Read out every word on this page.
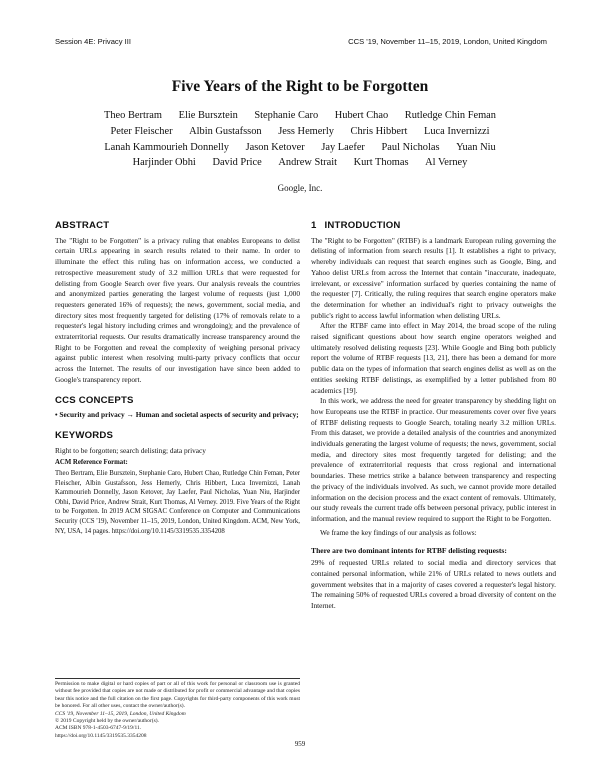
Session 4E: Privacy III	CCS '19, November 11–15, 2019, London, United Kingdom
Five Years of the Right to be Forgotten
Theo Bertram Elie Bursztein Stephanie Caro Hubert Chao Rutledge Chin Feman
Peter Fleischer Albin Gustafsson Jess Hemerly Chris Hibbert Luca Invernizzi
Lanah Kammourieh Donnelly Jason Ketover Jay Laefer Paul Nicholas Yuan Niu
Harjinder Obhi David Price Andrew Strait Kurt Thomas Al Verney
Google, Inc.
ABSTRACT

The "Right to be Forgotten" is a privacy ruling that enables Europeans to delist certain URLs appearing in search results related to their name. In order to illuminate the effect this ruling has on information access, we conducted a retrospective measurement study of 3.2 million URLs that were requested for delisting from Google Search over five years. Our analysis reveals the countries and anonymized parties generating the largest volume of requests (just 1,000 requesters generated 16% of requests); the news, government, social media, and directory sites most frequently targeted for delisting (17% of removals relate to a requester's legal history including crimes and wrongdoing); and the prevalence of extraterritorial requests. Our results dramatically increase transparency around the Right to be Forgotten and reveal the complexity of weighing personal privacy against public interest when resolving multi-party privacy conflicts that occur across the Internet. The results of our investigation have since been added to Google's transparency report.

CCS CONCEPTS
• Security and privacy → Human and societal aspects of security and privacy;
KEYWORDS

Right to be forgotten; search delisting; data privacy

ACM Reference Format:
Theo Bertram, Elie Bursztein, Stephanie Caro, Hubert Chao, Rutledge Chin Feman, Peter Fleischer, Albin Gustafsson, Jess Hemerly, Chris Hibbert, Luca Invernizzi, Lanah Kammourieh Donnelly, Jason Ketover, Jay Laefer, Paul Nicholas, Yuan Niu, Harjinder Obhi, David Price, Andrew Strait, Kurt Thomas, Al Verney. 2019. Five Years of the Right to be Forgotten. In 2019 ACM SIGSAC Conference on Computer and Communications Security (CCS '19), November 11–15, 2019, London, United Kingdom. ACM, New York, NY, USA, 14 pages. https://doi.org/10.1145/3319535.3354208
Permission to make digital or hard copies of part or all of this work for personal or classroom use is granted without fee provided that copies are not made or distributed for profit or commercial advantage and that copies bear this notice and the full citation on the first page. Copyrights for third-party components of this work must be honored. For all other uses, contact the owner/author(s).
CCS '19, November 11–15, 2019, London, United Kingdom
© 2019 Copyright held by the owner/author(s).
ACM ISBN 978-1-4503-6747-9/19/11.
https://doi.org/10.1145/3319535.3354208
1 INTRODUCTION

The "Right to be Forgotten" (RTBF) is a landmark European ruling governing the delisting of information from search results [1]. It establishes a right to privacy, whereby individuals can request that search engines such as Google, Bing, and Yahoo delist URLs from across the Internet that contain "inaccurate, inadequate, irrelevant, or excessive" information surfaced by queries containing the name of the requester [7]. Critically, the ruling requires that search engine operators make the determination for whether an individual's right to privacy outweighs the public's right to access lawful information when delisting URLs.

After the RTBF came into effect in May 2014, the broad scope of the ruling raised significant questions about how search engine operators weighed and ultimately resolved delisting requests [23]. While Google and Bing both publicly report the volume of RTBF requests [13, 21], there has been a demand for more public data on the types of information that search engines delist as well as on the entities seeking RTBF delistings, as exemplified by a letter published from 80 academics [19].

In this work, we address the need for greater transparency by shedding light on how Europeans use the RTBF in practice. Our measurements cover over five years of RTBF delisting requests to Google Search, totaling nearly 3.2 million URLs. From this dataset, we provide a detailed analysis of the countries and anonymized individuals generating the largest volume of requests; the news, government, social media, and directory sites most frequently targeted for delisting; and the prevalence of extraterritorial requests that cross regional and international boundaries. These metrics strike a balance between transparency and respecting the privacy of the individuals involved. As such, we cannot provide more detailed information on the decision process and the exact content of removals. Ultimately, our study reveals the current trade offs between personal privacy, public interest in information, and the manual review required to support the Right to be Forgotten.

We frame the key findings of our analysis as follows:

There are two dominant intents for RTBF delisting requests:

29% of requested URLs related to social media and directory services that contained personal information, while 21% of URLs related to news outlets and government websites that in a majority of cases covered a requester's legal history. The remaining 50% of requested URLs covered a broad diversity of content on the Internet.

959
